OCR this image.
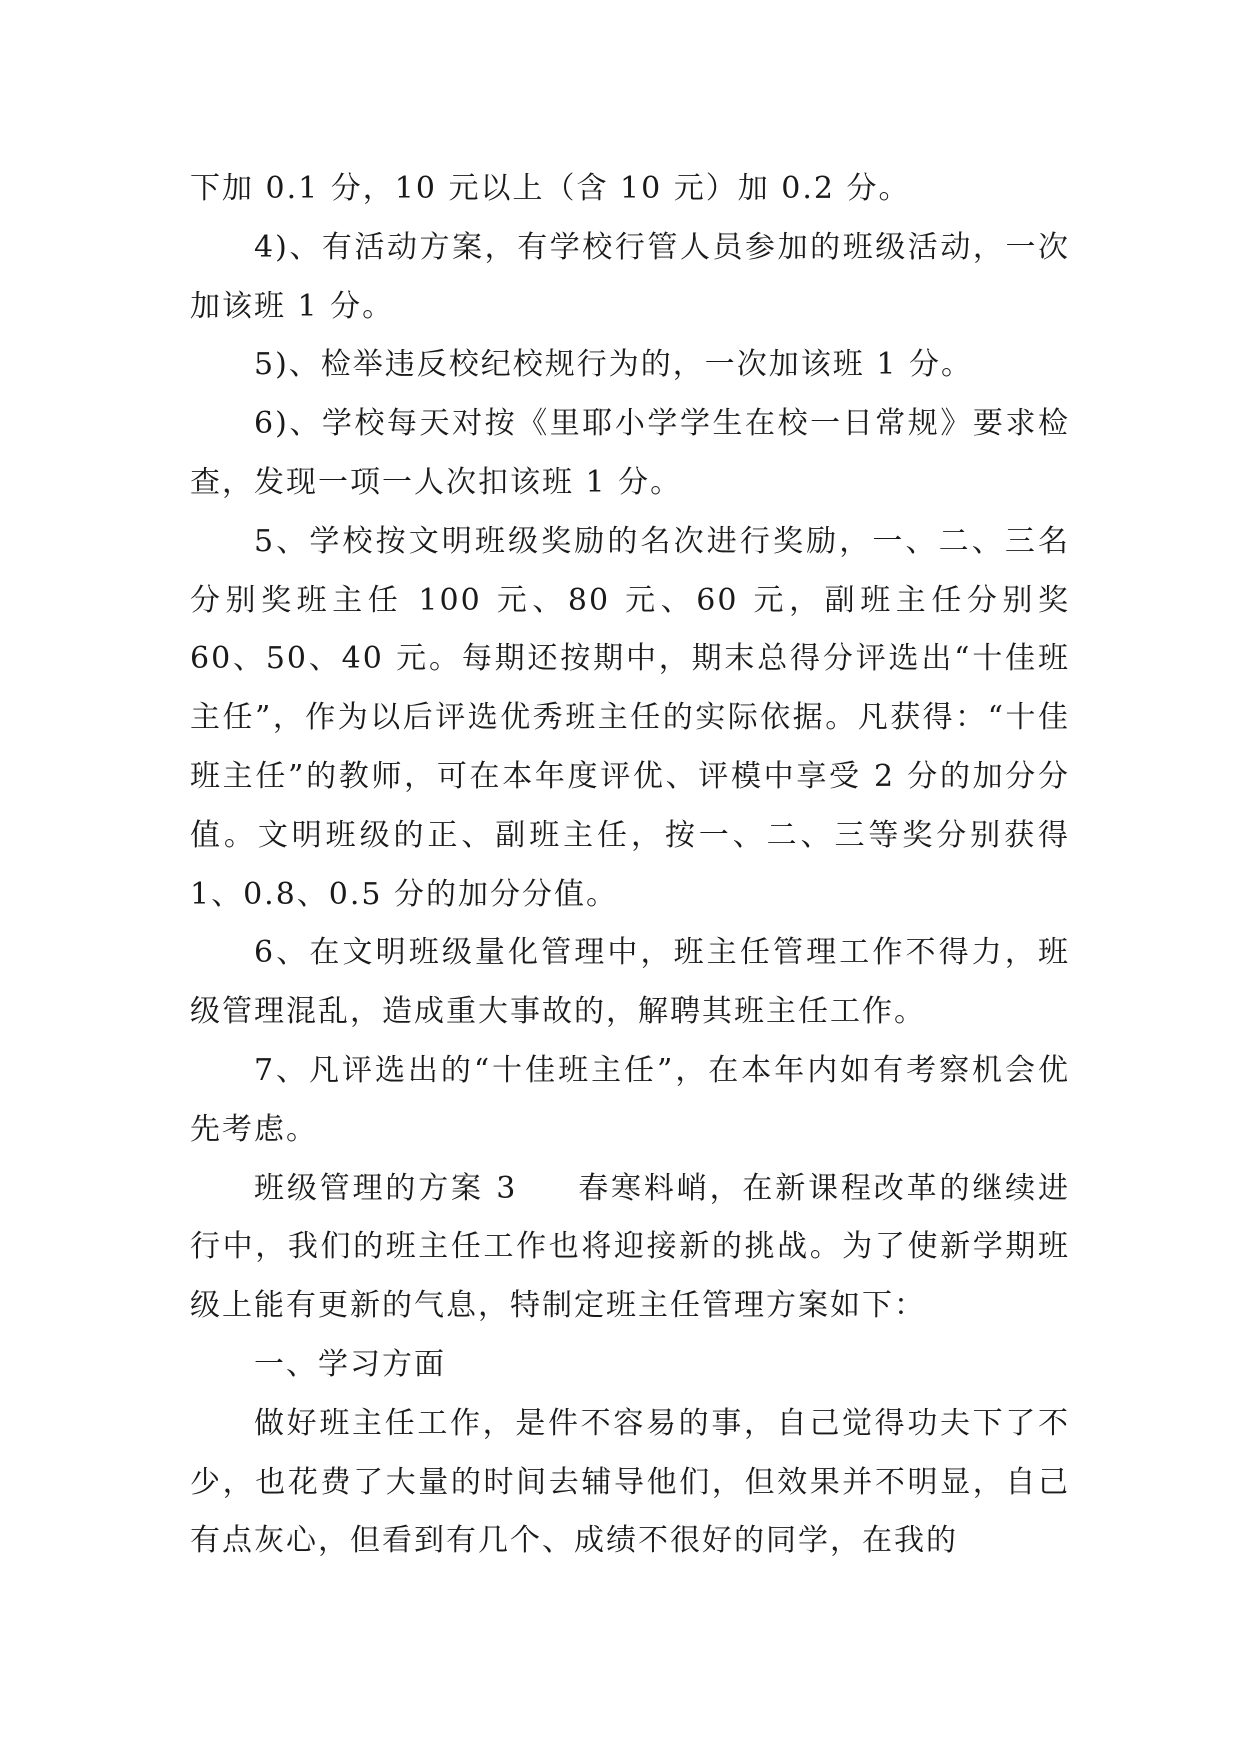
下加 0.1 分，10 元以上（含 10 元）加 0.2 分。

4)、有活动方案，有学校行管人员参加的班级活动，一次加该班 1 分。

5)、检举违反校纪校规行为的，一次加该班 1 分。

6)、学校每天对按《里耶小学学生在校一日常规》要求检查，发现一项一人次扣该班 1 分。

5、学校按文明班级奖励的名次进行奖励，一、二、三名分别奖班主任 100 元、80 元、60 元，副班主任分别奖 60、50、40 元。每期还按期中，期末总得分评选出“十佳班主任”，作为以后评选优秀班主任的实际依据。凡获得：“十佳班主任”的教师，可在本年度评优、评模中享受 2 分的加分分值。文明班级的正、副班主任，按一、二、三等奖分别获得 1、0.8、0.5 分的加分分值。

6、在文明班级量化管理中，班主任管理工作不得力，班级管理混乱，造成重大事故的，解聘其班主任工作。

7、凡评选出的“十佳班主任”，在本年内如有考察机会优先考虑。

班级管理的方案 3 春寒料峭，在新课程改革的继续进行中，我们的班主任工作也将迎接新的挑战。为了使新学期班级上能有更新的气息，特制定班主任管理方案如下：

一、学习方面

做好班主任工作，是件不容易的事，自己觉得功夫下了不少，也花费了大量的时间去辅导他们，但效果并不明显，自己有点灰心，但看到有几个、成绩不很好的同学，在我的
